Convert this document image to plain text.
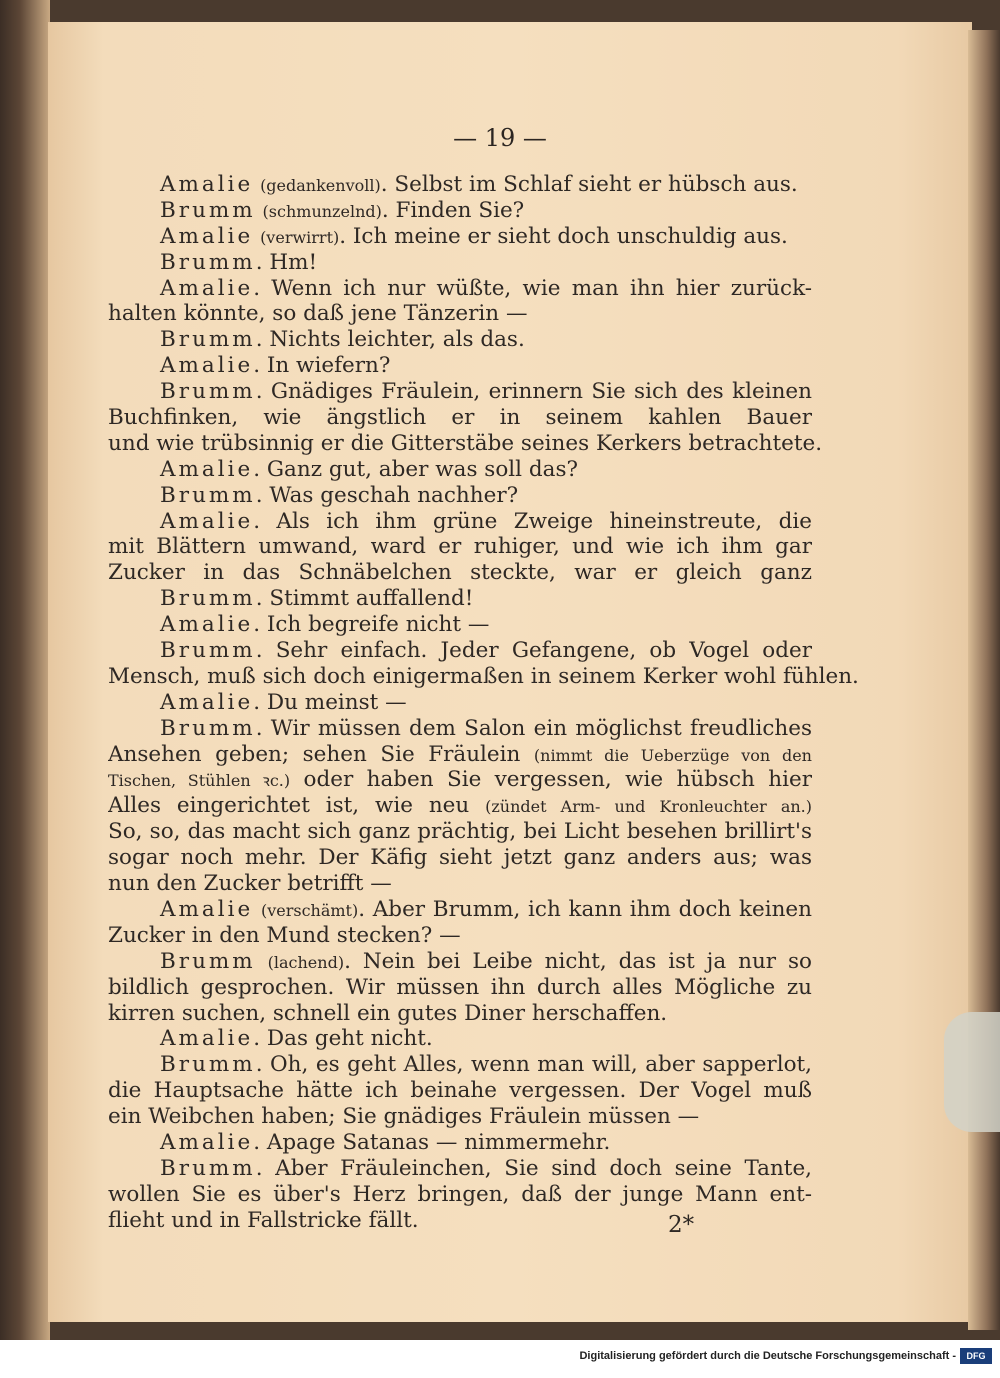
— 19 —
Amalie (gedankenvoll). Selbst im Schlaf sieht er hübsch aus.
Brumm (schmunzelnd). Finden Sie?
Amalie (verwirrt). Ich meine er sieht doch unschuldig aus.
Brumm. Hm!
Amalie. Wenn ich nur wüßte, wie man ihn hier zurück-
halten könnte, so daß jene Tänzerin —
Brumm. Nichts leichter, als das.
Amalie. In wiefern?
Brumm. Gnädiges Fräulein, erinnern Sie sich des kleinen
Buchfinken, wie ängstlich er in seinem kahlen Bauer
und wie trübsinnig er die Gitterstäbe seines Kerkers betrachtete.
Amalie. Ganz gut, aber was soll das?
Brumm. Was geschah nachher?
Amalie. Als ich ihm grüne Zweige hineinstreute, die
mit Blättern umwand, ward er ruhiger, und wie ich ihm gar
Zucker in das Schnäbelchen steckte, war er gleich ganz
Brumm. Stimmt auffallend!
Amalie. Ich begreife nicht —
Brumm. Sehr einfach. Jeder Gefangene, ob Vogel oder
Mensch, muß sich doch einigermaßen in seinem Kerker wohl fühlen.
Amalie. Du meinst —
Brumm. Wir müssen dem Salon ein möglichst freudliches
Ansehen geben; sehen Sie Fräulein (nimmt die Ueberzüge von den
Tischen, Stühlen ꝛc.) oder haben Sie vergessen, wie hübsch hier
Alles eingerichtet ist, wie neu (zündet Arm- und Kronleuchter an.)
So, so, das macht sich ganz prächtig, bei Licht besehen brillirt's
sogar noch mehr. Der Käfig sieht jetzt ganz anders aus; was
nun den Zucker betrifft —
Amalie (verschämt). Aber Brumm, ich kann ihm doch keinen
Zucker in den Mund stecken? —
Brumm (lachend). Nein bei Leibe nicht, das ist ja nur so
bildlich gesprochen. Wir müssen ihn durch alles Mögliche zu
kirren suchen, schnell ein gutes Diner herschaffen.
Amalie. Das geht nicht.
Brumm. Oh, es geht Alles, wenn man will, aber sapperlot,
die Hauptsache hätte ich beinahe vergessen. Der Vogel muß
ein Weibchen haben; Sie gnädiges Fräulein müssen —
Amalie. Apage Satanas — nimmermehr.
Brumm. Aber Fräuleinchen, Sie sind doch seine Tante,
wollen Sie es über's Herz bringen, daß der junge Mann ent-
flieht und in Fallstricke fällt.	2*
Digitalisierung gefördert durch die Deutsche Forschungsgemeinschaft -	DFG
